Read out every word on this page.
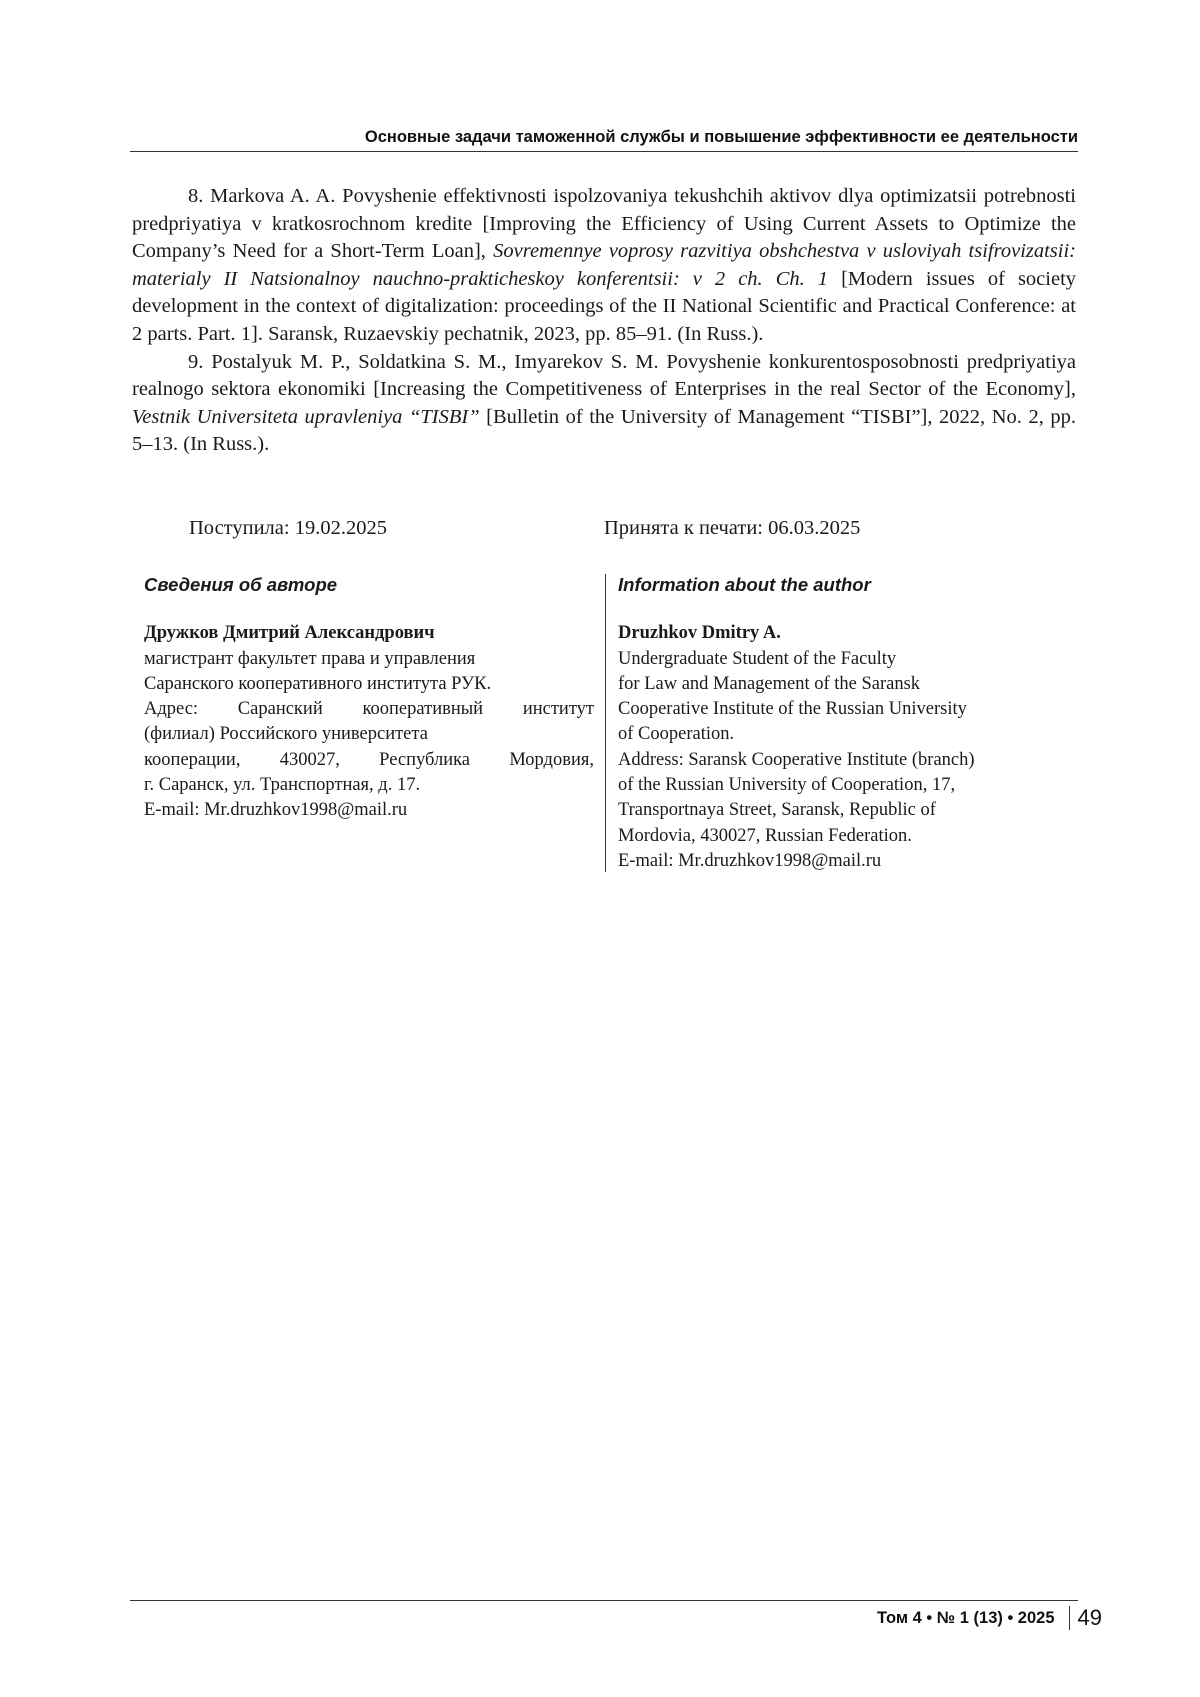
Основные задачи таможенной службы и повышение эффективности ее деятельности

8. Markova A. A. Povyshenie effektivnosti ispolzovaniya tekushchih aktivov dlya optimizatsii potrebnosti predpriyatiya v kratkosrochnom kredite [Improving the Efficiency of Using Current Assets to Optimize the Company’s Need for a Short-Term Loan], Sovremennye voprosy razvitiya obshchestva v usloviyah tsifrovizatsii: materialy II Natsionalnoy nauchno-prakticheskoy konferentsii: v 2 ch. Ch. 1 [Modern issues of society development in the context of digitalization: proceedings of the II National Scientific and Practical Conference: at 2 parts. Part. 1]. Saransk, Ruzaevskiy pechatnik, 2023, pp. 85–91. (In Russ.).

9. Postalyuk M. P., Soldatkina S. M., Imyarekov S. M. Povyshenie konkurentosposobnosti predpriyatiya realnogo sektora ekonomiki [Increasing the Competitiveness of Enterprises in the real Sector of the Economy], Vestnik Universiteta upravleniya “TISBI” [Bulletin of the University of Management “TISBI”], 2022, No. 2, pp. 5–13. (In Russ.).

Поступила: 19.02.2025	Принята к печати: 06.03.2025
Сведения об авторе
Дружков Дмитрий Александрович
магистрант факультет права и управления
Саранского кооперативного института РУК.
Адрес: Саранский кооперативный институт
(филиал) Российского университета
кооперации, 430027, Республика Мордовия,
г. Саранск, ул. Транспортная, д. 17.
E-mail: Mr.druzhkov1998@mail.ru
Information about the author
Druzhkov Dmitry A.
Undergraduate Student of the Faculty
for Law and Management of the Saransk
Cooperative Institute of the Russian University
of Cooperation.
Address: Saransk Cooperative Institute (branch)
of the Russian University of Cooperation, 17,
Transportnaya Street, Saransk, Republic of
Mordovia, 430027, Russian Federation.
E-mail: Mr.druzhkov1998@mail.ru
Том 4 • № 1 (13) • 2025 49
